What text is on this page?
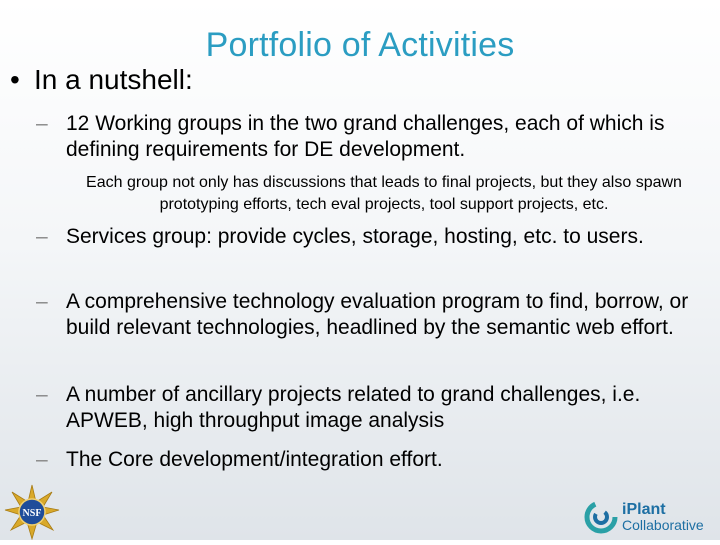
Portfolio of Activities
• In a nutshell:
– 12 Working groups in the two grand challenges, each of which is defining requirements for DE development.
Each group not only has discussions that leads to final projects, but they also spawn prototyping efforts, tech eval projects, tool support projects, etc.
– Services group: provide cycles, storage, hosting, etc. to users.
– A comprehensive technology evaluation program to find, borrow, or build relevant technologies, headlined by the semantic web effort.
– A number of ancillary projects related to grand challenges, i.e. APWEB, high throughput image analysis
– The Core development/integration effort.
NSF	iPlant
Collaborative
